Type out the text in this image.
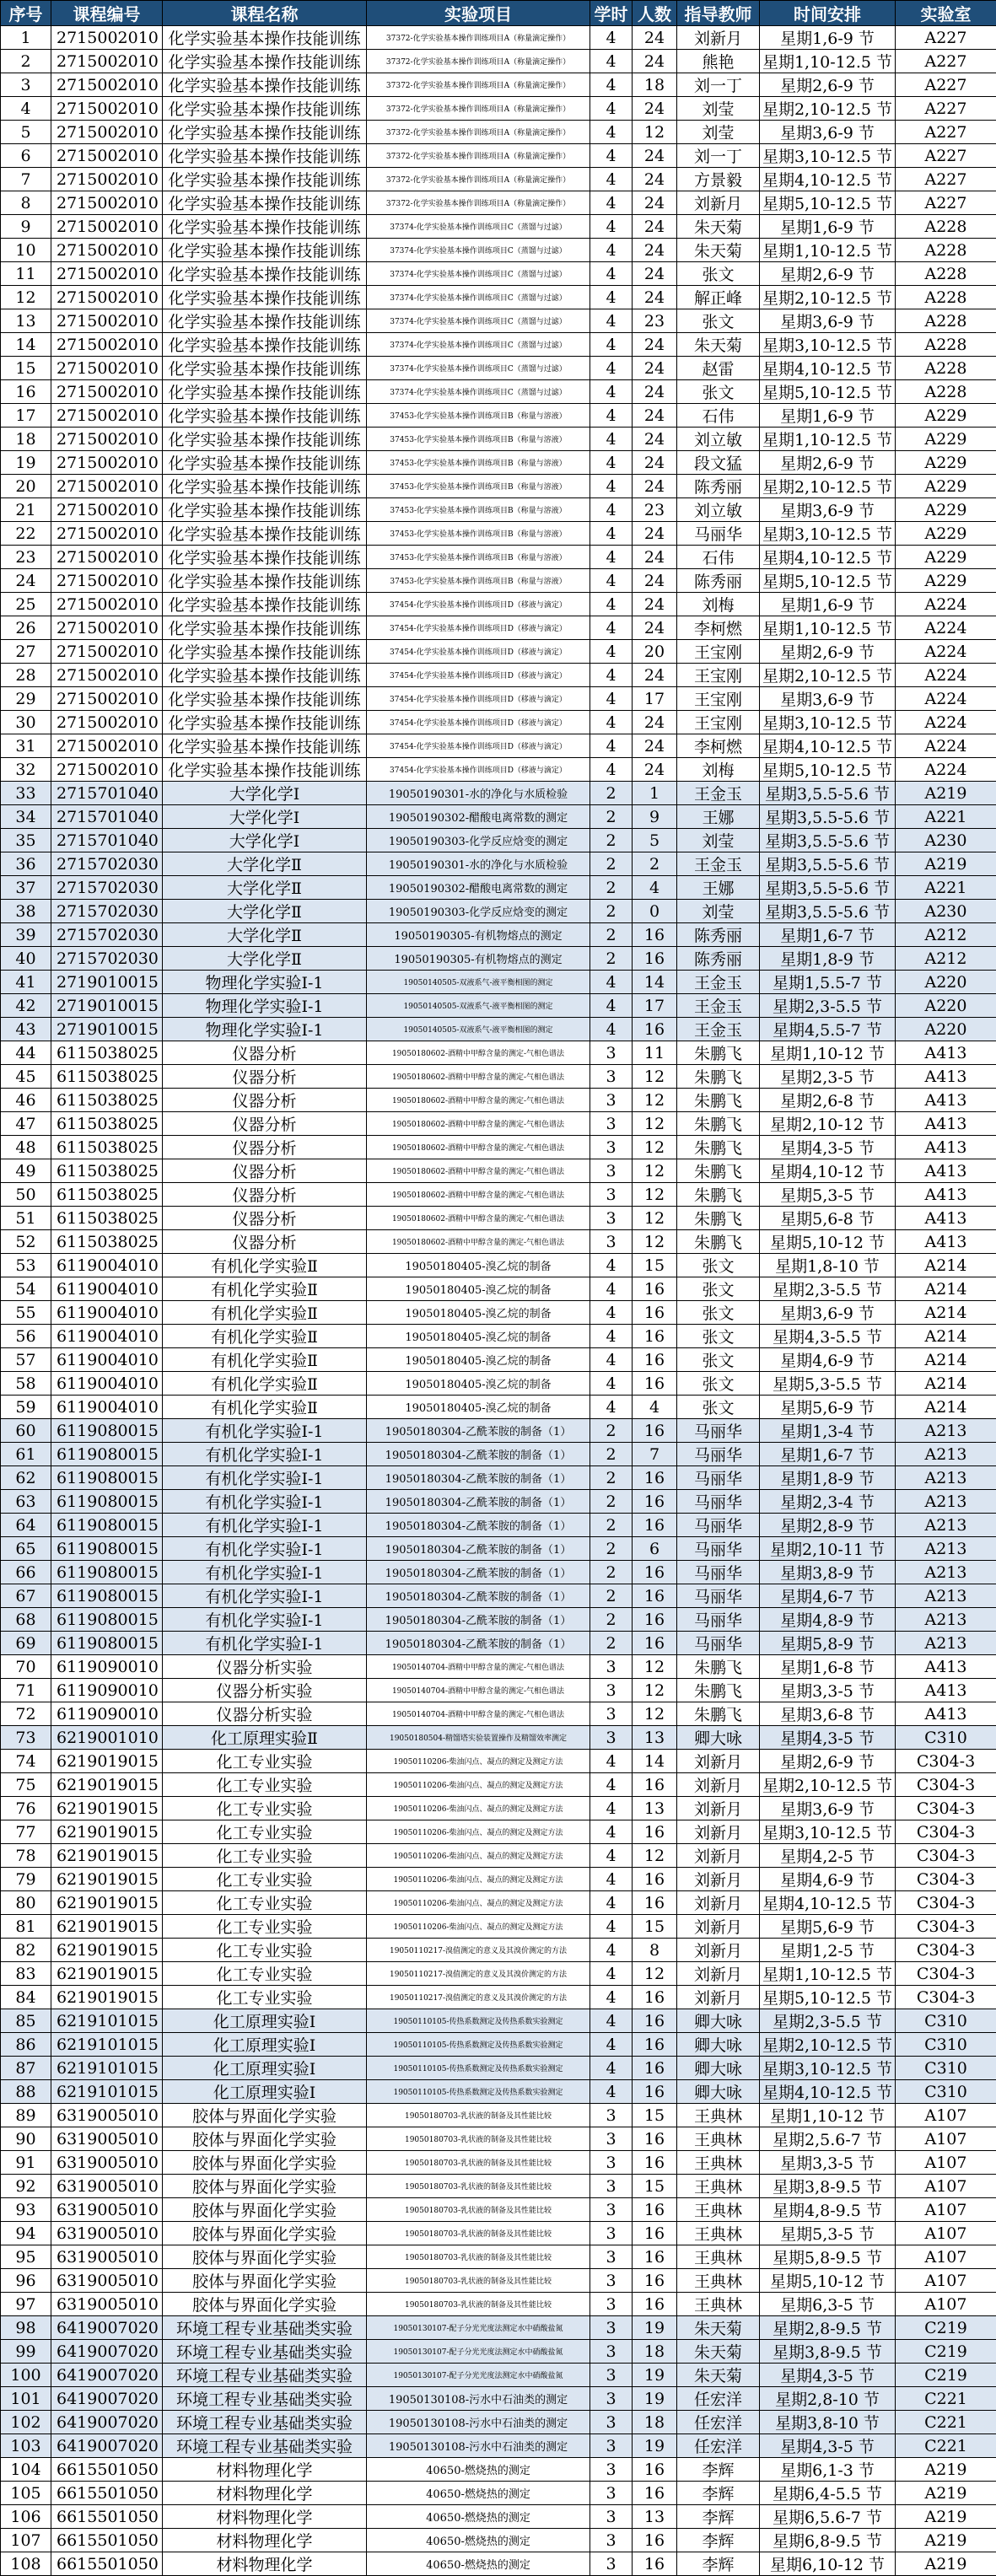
序号	课程编号	课程名称	实验项目	学时	人数	指导教师	时间安排	实验室
1	2715002010	化学实验基本操作技能训练	37372-化学实验基本操作训练项目A（称量滴定操作）	4	24	刘新月	星期1,6-9 节	A227
2	2715002010	化学实验基本操作技能训练	37372-化学实验基本操作训练项目A（称量滴定操作）	4	24	熊艳	星期1,10-12.5 节	A227
3	2715002010	化学实验基本操作技能训练	37372-化学实验基本操作训练项目A（称量滴定操作）	4	18	刘一丁	星期2,6-9 节	A227
4	2715002010	化学实验基本操作技能训练	37372-化学实验基本操作训练项目A（称量滴定操作）	4	24	刘莹	星期2,10-12.5 节	A227
5	2715002010	化学实验基本操作技能训练	37372-化学实验基本操作训练项目A（称量滴定操作）	4	12	刘莹	星期3,6-9 节	A227
6	2715002010	化学实验基本操作技能训练	37372-化学实验基本操作训练项目A（称量滴定操作）	4	24	刘一丁	星期3,10-12.5 节	A227
7	2715002010	化学实验基本操作技能训练	37372-化学实验基本操作训练项目A（称量滴定操作）	4	24	方景毅	星期4,10-12.5 节	A227
8	2715002010	化学实验基本操作技能训练	37372-化学实验基本操作训练项目A（称量滴定操作）	4	24	刘新月	星期5,10-12.5 节	A227
9	2715002010	化学实验基本操作技能训练	37374-化学实验基本操作训练项目C（蒸馏与过滤）	4	24	朱天菊	星期1,6-9 节	A228
10	2715002010	化学实验基本操作技能训练	37374-化学实验基本操作训练项目C（蒸馏与过滤）	4	24	朱天菊	星期1,10-12.5 节	A228
11	2715002010	化学实验基本操作技能训练	37374-化学实验基本操作训练项目C（蒸馏与过滤）	4	24	张文	星期2,6-9 节	A228
12	2715002010	化学实验基本操作技能训练	37374-化学实验基本操作训练项目C（蒸馏与过滤）	4	24	解正峰	星期2,10-12.5 节	A228
13	2715002010	化学实验基本操作技能训练	37374-化学实验基本操作训练项目C（蒸馏与过滤）	4	23	张文	星期3,6-9 节	A228
14	2715002010	化学实验基本操作技能训练	37374-化学实验基本操作训练项目C（蒸馏与过滤）	4	24	朱天菊	星期3,10-12.5 节	A228
15	2715002010	化学实验基本操作技能训练	37374-化学实验基本操作训练项目C（蒸馏与过滤）	4	24	赵雷	星期4,10-12.5 节	A228
16	2715002010	化学实验基本操作技能训练	37374-化学实验基本操作训练项目C（蒸馏与过滤）	4	24	张文	星期5,10-12.5 节	A228
17	2715002010	化学实验基本操作技能训练	37453-化学实验基本操作训练项目B（称量与溶液）	4	24	石伟	星期1,6-9 节	A229
18	2715002010	化学实验基本操作技能训练	37453-化学实验基本操作训练项目B（称量与溶液）	4	24	刘立敏	星期1,10-12.5 节	A229
19	2715002010	化学实验基本操作技能训练	37453-化学实验基本操作训练项目B（称量与溶液）	4	24	段文猛	星期2,6-9 节	A229
20	2715002010	化学实验基本操作技能训练	37453-化学实验基本操作训练项目B（称量与溶液）	4	24	陈秀丽	星期2,10-12.5 节	A229
21	2715002010	化学实验基本操作技能训练	37453-化学实验基本操作训练项目B（称量与溶液）	4	23	刘立敏	星期3,6-9 节	A229
22	2715002010	化学实验基本操作技能训练	37453-化学实验基本操作训练项目B（称量与溶液）	4	24	马丽华	星期3,10-12.5 节	A229
23	2715002010	化学实验基本操作技能训练	37453-化学实验基本操作训练项目B（称量与溶液）	4	24	石伟	星期4,10-12.5 节	A229
24	2715002010	化学实验基本操作技能训练	37453-化学实验基本操作训练项目B（称量与溶液）	4	24	陈秀丽	星期5,10-12.5 节	A229
25	2715002010	化学实验基本操作技能训练	37454-化学实验基本操作训练项目D（移液与滴定）	4	24	刘梅	星期1,6-9 节	A224
26	2715002010	化学实验基本操作技能训练	37454-化学实验基本操作训练项目D（移液与滴定）	4	24	李柯燃	星期1,10-12.5 节	A224
27	2715002010	化学实验基本操作技能训练	37454-化学实验基本操作训练项目D（移液与滴定）	4	20	王宝刚	星期2,6-9 节	A224
28	2715002010	化学实验基本操作技能训练	37454-化学实验基本操作训练项目D（移液与滴定）	4	24	王宝刚	星期2,10-12.5 节	A224
29	2715002010	化学实验基本操作技能训练	37454-化学实验基本操作训练项目D（移液与滴定）	4	17	王宝刚	星期3,6-9 节	A224
30	2715002010	化学实验基本操作技能训练	37454-化学实验基本操作训练项目D（移液与滴定）	4	24	王宝刚	星期3,10-12.5 节	A224
31	2715002010	化学实验基本操作技能训练	37454-化学实验基本操作训练项目D（移液与滴定）	4	24	李柯燃	星期4,10-12.5 节	A224
32	2715002010	化学实验基本操作技能训练	37454-化学实验基本操作训练项目D（移液与滴定）	4	24	刘梅	星期5,10-12.5 节	A224
33	2715701040	大学化学Ⅰ	19050190301-水的净化与水质检验	2	1	王金玉	星期3,5.5-5.6 节	A219
34	2715701040	大学化学Ⅰ	19050190302-醋酸电离常数的测定	2	9	王娜	星期3,5.5-5.6 节	A221
35	2715701040	大学化学Ⅰ	19050190303-化学反应焓变的测定	2	5	刘莹	星期3,5.5-5.6 节	A230
36	2715702030	大学化学Ⅱ	19050190301-水的净化与水质检验	2	2	王金玉	星期3,5.5-5.6 节	A219
37	2715702030	大学化学Ⅱ	19050190302-醋酸电离常数的测定	2	4	王娜	星期3,5.5-5.6 节	A221
38	2715702030	大学化学Ⅱ	19050190303-化学反应焓变的测定	2	0	刘莹	星期3,5.5-5.6 节	A230
39	2715702030	大学化学Ⅱ	19050190305-有机物熔点的测定	2	16	陈秀丽	星期1,6-7 节	A212
40	2715702030	大学化学Ⅱ	19050190305-有机物熔点的测定	2	16	陈秀丽	星期1,8-9 节	A212
41	2719010015	物理化学实验Ⅰ-1	19050140505-双液系气-液平衡相图的测定	4	14	王金玉	星期1,5.5-7 节	A220
42	2719010015	物理化学实验Ⅰ-1	19050140505-双液系气-液平衡相图的测定	4	17	王金玉	星期2,3-5.5 节	A220
43	2719010015	物理化学实验Ⅰ-1	19050140505-双液系气-液平衡相图的测定	4	16	王金玉	星期4,5.5-7 节	A220
44	6115038025	仪器分析	19050180602-酒精中甲醇含量的测定-气相色谱法	3	11	朱鹏飞	星期1,10-12 节	A413
45	6115038025	仪器分析	19050180602-酒精中甲醇含量的测定-气相色谱法	3	12	朱鹏飞	星期2,3-5 节	A413
46	6115038025	仪器分析	19050180602-酒精中甲醇含量的测定-气相色谱法	3	12	朱鹏飞	星期2,6-8 节	A413
47	6115038025	仪器分析	19050180602-酒精中甲醇含量的测定-气相色谱法	3	12	朱鹏飞	星期2,10-12 节	A413
48	6115038025	仪器分析	19050180602-酒精中甲醇含量的测定-气相色谱法	3	12	朱鹏飞	星期4,3-5 节	A413
49	6115038025	仪器分析	19050180602-酒精中甲醇含量的测定-气相色谱法	3	12	朱鹏飞	星期4,10-12 节	A413
50	6115038025	仪器分析	19050180602-酒精中甲醇含量的测定-气相色谱法	3	12	朱鹏飞	星期5,3-5 节	A413
51	6115038025	仪器分析	19050180602-酒精中甲醇含量的测定-气相色谱法	3	12	朱鹏飞	星期5,6-8 节	A413
52	6115038025	仪器分析	19050180602-酒精中甲醇含量的测定-气相色谱法	3	12	朱鹏飞	星期5,10-12 节	A413
53	6119004010	有机化学实验Ⅱ	19050180405-溴乙烷的制备	4	15	张文	星期1,8-10 节	A214
54	6119004010	有机化学实验Ⅱ	19050180405-溴乙烷的制备	4	16	张文	星期2,3-5.5 节	A214
55	6119004010	有机化学实验Ⅱ	19050180405-溴乙烷的制备	4	16	张文	星期3,6-9 节	A214
56	6119004010	有机化学实验Ⅱ	19050180405-溴乙烷的制备	4	16	张文	星期4,3-5.5 节	A214
57	6119004010	有机化学实验Ⅱ	19050180405-溴乙烷的制备	4	16	张文	星期4,6-9 节	A214
58	6119004010	有机化学实验Ⅱ	19050180405-溴乙烷的制备	4	16	张文	星期5,3-5.5 节	A214
59	6119004010	有机化学实验Ⅱ	19050180405-溴乙烷的制备	4	4	张文	星期5,6-9 节	A214
60	6119080015	有机化学实验Ⅰ-1	19050180304-乙酰苯胺的制备（1）	2	16	马丽华	星期1,3-4 节	A213
61	6119080015	有机化学实验Ⅰ-1	19050180304-乙酰苯胺的制备（1）	2	7	马丽华	星期1,6-7 节	A213
62	6119080015	有机化学实验Ⅰ-1	19050180304-乙酰苯胺的制备（1）	2	16	马丽华	星期1,8-9 节	A213
63	6119080015	有机化学实验Ⅰ-1	19050180304-乙酰苯胺的制备（1）	2	16	马丽华	星期2,3-4 节	A213
64	6119080015	有机化学实验Ⅰ-1	19050180304-乙酰苯胺的制备（1）	2	16	马丽华	星期2,8-9 节	A213
65	6119080015	有机化学实验Ⅰ-1	19050180304-乙酰苯胺的制备（1）	2	6	马丽华	星期2,10-11 节	A213
66	6119080015	有机化学实验Ⅰ-1	19050180304-乙酰苯胺的制备（1）	2	16	马丽华	星期3,8-9 节	A213
67	6119080015	有机化学实验Ⅰ-1	19050180304-乙酰苯胺的制备（1）	2	16	马丽华	星期4,6-7 节	A213
68	6119080015	有机化学实验Ⅰ-1	19050180304-乙酰苯胺的制备（1）	2	16	马丽华	星期4,8-9 节	A213
69	6119080015	有机化学实验Ⅰ-1	19050180304-乙酰苯胺的制备（1）	2	16	马丽华	星期5,8-9 节	A213
70	6119090010	仪器分析实验	19050140704-酒精中甲醇含量的测定-气相色谱法	3	12	朱鹏飞	星期1,6-8 节	A413
71	6119090010	仪器分析实验	19050140704-酒精中甲醇含量的测定-气相色谱法	3	12	朱鹏飞	星期3,3-5 节	A413
72	6119090010	仪器分析实验	19050140704-酒精中甲醇含量的测定-气相色谱法	3	12	朱鹏飞	星期3,6-8 节	A413
73	6219001010	化工原理实验Ⅱ	19050180504-精馏塔实验装置操作及精馏效率测定	3	13	卿大咏	星期4,3-5 节	C310
74	6219019015	化工专业实验	19050110206-柴油闪点、凝点的测定及测定方法	4	14	刘新月	星期2,6-9 节	C304-3
75	6219019015	化工专业实验	19050110206-柴油闪点、凝点的测定及测定方法	4	16	刘新月	星期2,10-12.5 节	C304-3
76	6219019015	化工专业实验	19050110206-柴油闪点、凝点的测定及测定方法	4	13	刘新月	星期3,6-9 节	C304-3
77	6219019015	化工专业实验	19050110206-柴油闪点、凝点的测定及测定方法	4	16	刘新月	星期3,10-12.5 节	C304-3
78	6219019015	化工专业实验	19050110206-柴油闪点、凝点的测定及测定方法	4	12	刘新月	星期4,2-5 节	C304-3
79	6219019015	化工专业实验	19050110206-柴油闪点、凝点的测定及测定方法	4	16	刘新月	星期4,6-9 节	C304-3
80	6219019015	化工专业实验	19050110206-柴油闪点、凝点的测定及测定方法	4	16	刘新月	星期4,10-12.5 节	C304-3
81	6219019015	化工专业实验	19050110206-柴油闪点、凝点的测定及测定方法	4	15	刘新月	星期5,6-9 节	C304-3
82	6219019015	化工专业实验	19050110217-溴值测定的意义及其溴价测定的方法	4	8	刘新月	星期1,2-5 节	C304-3
83	6219019015	化工专业实验	19050110217-溴值测定的意义及其溴价测定的方法	4	12	刘新月	星期1,10-12.5 节	C304-3
84	6219019015	化工专业实验	19050110217-溴值测定的意义及其溴价测定的方法	4	16	刘新月	星期5,10-12.5 节	C304-3
85	6219101015	化工原理实验Ⅰ	19050110105-传热系数测定及传热系数实验测定	4	16	卿大咏	星期2,3-5.5 节	C310
86	6219101015	化工原理实验Ⅰ	19050110105-传热系数测定及传热系数实验测定	4	16	卿大咏	星期2,10-12.5 节	C310
87	6219101015	化工原理实验Ⅰ	19050110105-传热系数测定及传热系数实验测定	4	16	卿大咏	星期3,10-12.5 节	C310
88	6219101015	化工原理实验Ⅰ	19050110105-传热系数测定及传热系数实验测定	4	16	卿大咏	星期4,10-12.5 节	C310
89	6319005010	胶体与界面化学实验	19050180703-乳状液的制备及其性能比较	3	15	王典林	星期1,10-12 节	A107
90	6319005010	胶体与界面化学实验	19050180703-乳状液的制备及其性能比较	3	16	王典林	星期2,5.6-7 节	A107
91	6319005010	胶体与界面化学实验	19050180703-乳状液的制备及其性能比较	3	16	王典林	星期3,3-5 节	A107
92	6319005010	胶体与界面化学实验	19050180703-乳状液的制备及其性能比较	3	15	王典林	星期3,8-9.5 节	A107
93	6319005010	胶体与界面化学实验	19050180703-乳状液的制备及其性能比较	3	16	王典林	星期4,8-9.5 节	A107
94	6319005010	胶体与界面化学实验	19050180703-乳状液的制备及其性能比较	3	16	王典林	星期5,3-5 节	A107
95	6319005010	胶体与界面化学实验	19050180703-乳状液的制备及其性能比较	3	16	王典林	星期5,8-9.5 节	A107
96	6319005010	胶体与界面化学实验	19050180703-乳状液的制备及其性能比较	3	16	王典林	星期5,10-12 节	A107
97	6319005010	胶体与界面化学实验	19050180703-乳状液的制备及其性能比较	3	16	王典林	星期6,3-5 节	A107
98	6419007020	环境工程专业基础类实验	19050130107-配子分光光度法测定水中硝酸盐氮	3	19	朱天菊	星期2,8-9.5 节	C219
99	6419007020	环境工程专业基础类实验	19050130107-配子分光光度法测定水中硝酸盐氮	3	18	朱天菊	星期3,8-9.5 节	C219
100	6419007020	环境工程专业基础类实验	19050130107-配子分光光度法测定水中硝酸盐氮	3	19	朱天菊	星期4,3-5 节	C219
101	6419007020	环境工程专业基础类实验	19050130108-污水中石油类的测定	3	19	任宏洋	星期2,8-10 节	C221
102	6419007020	环境工程专业基础类实验	19050130108-污水中石油类的测定	3	18	任宏洋	星期3,8-10 节	C221
103	6419007020	环境工程专业基础类实验	19050130108-污水中石油类的测定	3	19	任宏洋	星期4,3-5 节	C221
104	6615501050	材料物理化学	40650-燃烧热的测定	3	16	李辉	星期6,1-3 节	A219
105	6615501050	材料物理化学	40650-燃烧热的测定	3	16	李辉	星期6,4-5.5 节	A219
106	6615501050	材料物理化学	40650-燃烧热的测定	3	13	李辉	星期6,5.6-7 节	A219
107	6615501050	材料物理化学	40650-燃烧热的测定	3	16	李辉	星期6,8-9.5 节	A219
108	6615501050	材料物理化学	40650-燃烧热的测定	3	16	李辉	星期6,10-12 节	A219
